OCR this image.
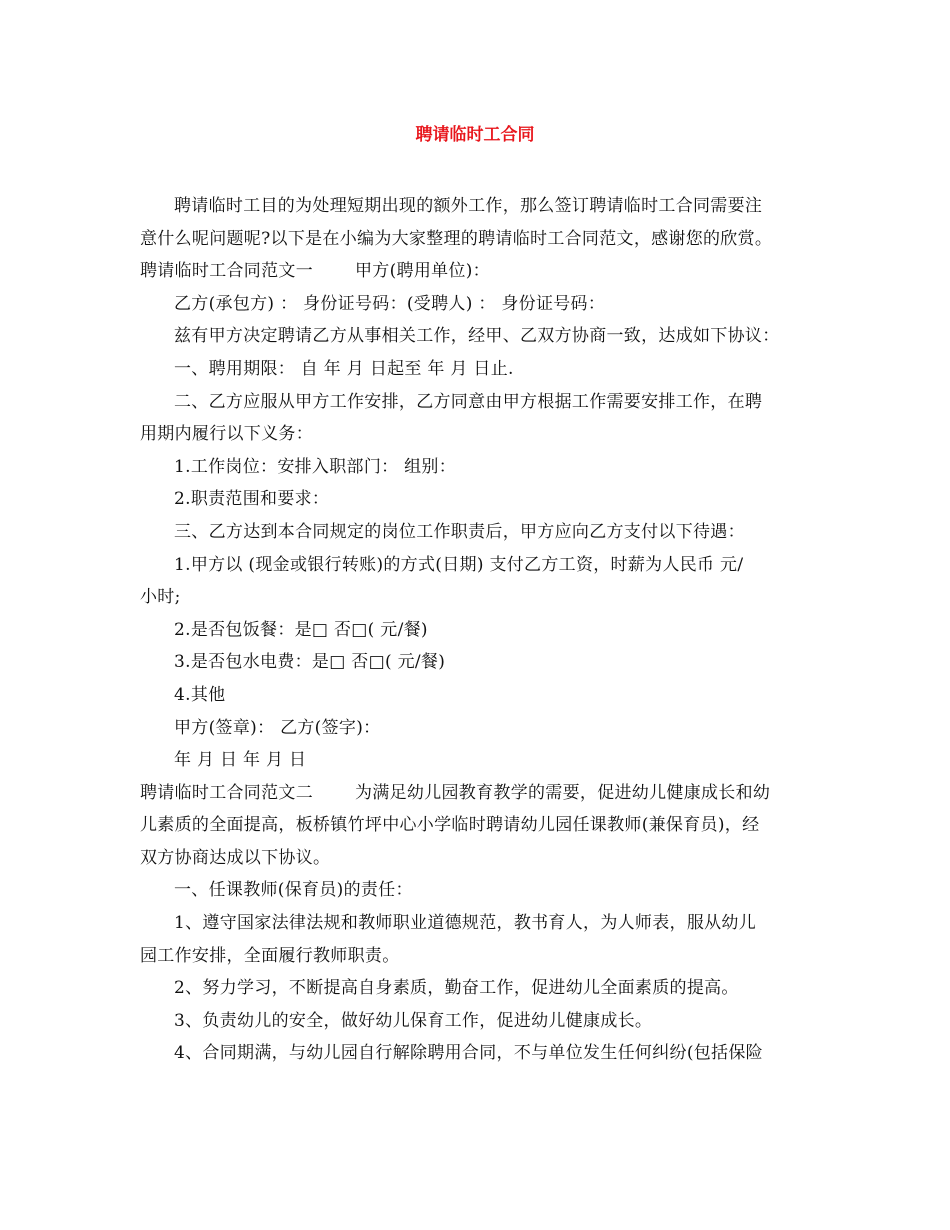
聘请临时工合同

聘请临时工目的为处理短期出现的额外工作，那么签订聘请临时工合同需要注

意什么呢问题呢?以下是在小编为大家整理的聘请临时工合同范文，感谢您的欣赏。

聘请临时工合同范文一 甲方(聘用单位)：

乙方(承包方) ： 身份证号码：(受聘人) ： 身份证号码：

兹有甲方决定聘请乙方从事相关工作，经甲、乙双方协商一致，达成如下协议：

一、聘用期限： 自 年 月 日起至 年 月 日止.

二、乙方应服从甲方工作安排，乙方同意由甲方根据工作需要安排工作，在聘

用期内履行以下义务：

1.工作岗位：安排入职部门： 组别：

2.职责范围和要求：

三、乙方达到本合同规定的岗位工作职责后，甲方应向乙方支付以下待遇：

1.甲方以 (现金或银行转账)的方式(日期) 支付乙方工资，时薪为人民币 元/

小时;

2.是否包饭餐：是□ 否□( 元/餐)

3.是否包水电费：是□ 否□( 元/餐)

4.其他

甲方(签章)： 乙方(签字)：

年 月 日 年 月 日

聘请临时工合同范文二 为满足幼儿园教育教学的需要，促进幼儿健康成长和幼

儿素质的全面提高，板桥镇竹坪中心小学临时聘请幼儿园任课教师(兼保育员)，经

双方协商达成以下协议。

一、任课教师(保育员)的责任：

1、遵守国家法律法规和教师职业道德规范，教书育人，为人师表，服从幼儿

园工作安排，全面履行教师职责。

2、努力学习，不断提高自身素质，勤奋工作，促进幼儿全面素质的提高。

3、负责幼儿的安全，做好幼儿保育工作，促进幼儿健康成长。

4、合同期满，与幼儿园自行解除聘用合同，不与单位发生任何纠纷(包括保险
